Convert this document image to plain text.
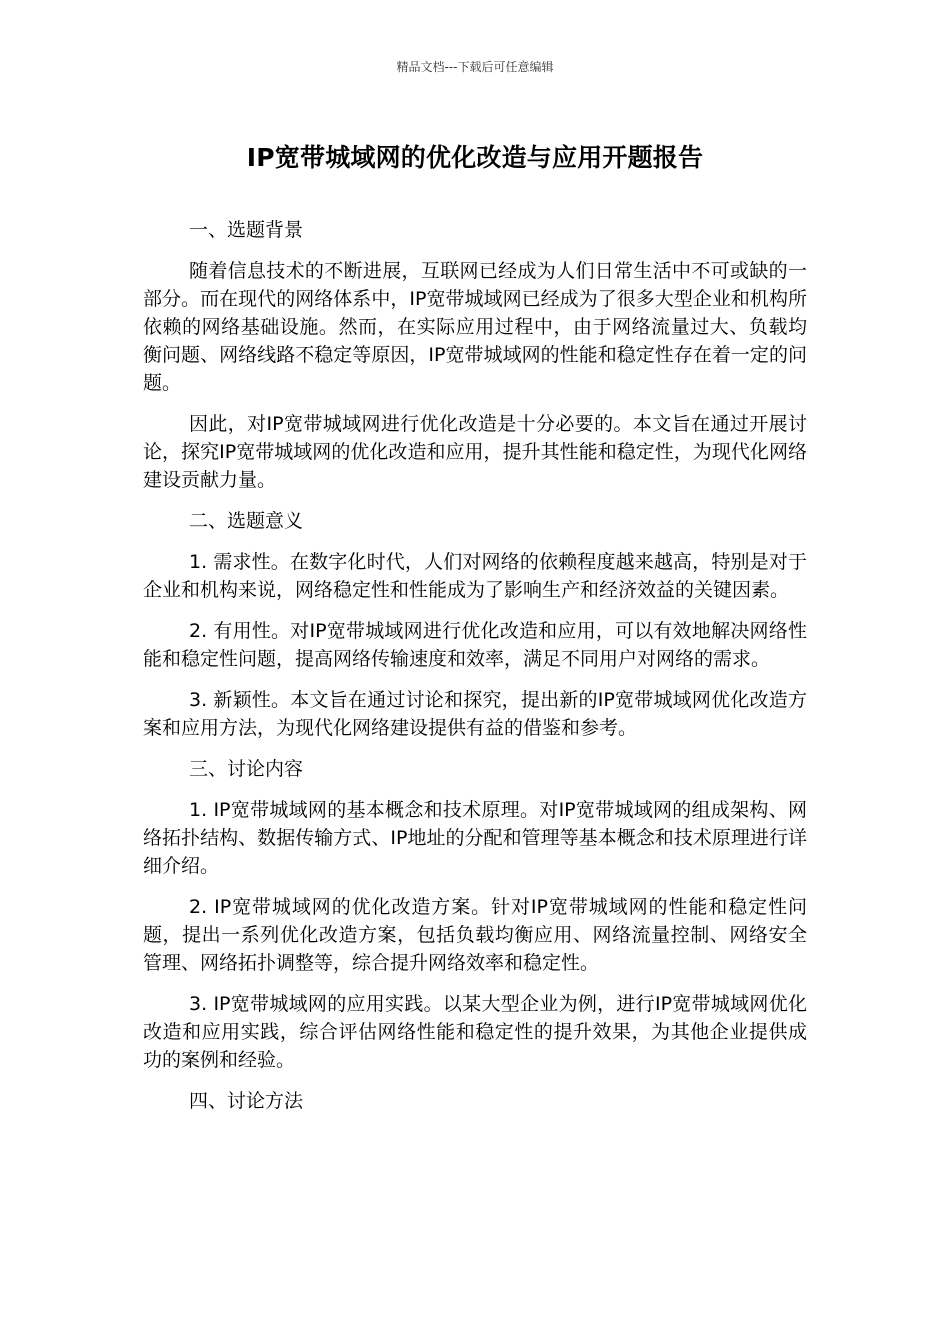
精品文档---下载后可任意编辑
IP宽带城域网的优化改造与应用开题报告

一、选题背景

随着信息技术的不断进展，互联网已经成为人们日常生活中不可或缺的一部分。而在现代的网络体系中，IP宽带城域网已经成为了很多大型企业和机构所依赖的网络基础设施。然而，在实际应用过程中，由于网络流量过大、负载均衡问题、网络线路不稳定等原因，IP宽带城域网的性能和稳定性存在着一定的问题。

因此，对IP宽带城域网进行优化改造是十分必要的。本文旨在通过开展讨论，探究IP宽带城域网的优化改造和应用，提升其性能和稳定性，为现代化网络建设贡献力量。

二、选题意义

1. 需求性。在数字化时代，人们对网络的依赖程度越来越高，特别是对于企业和机构来说，网络稳定性和性能成为了影响生产和经济效益的关键因素。

2. 有用性。对IP宽带城域网进行优化改造和应用，可以有效地解决网络性能和稳定性问题，提高网络传输速度和效率，满足不同用户对网络的需求。

3. 新颖性。本文旨在通过讨论和探究，提出新的IP宽带城域网优化改造方案和应用方法，为现代化网络建设提供有益的借鉴和参考。

三、讨论内容

1. IP宽带城域网的基本概念和技术原理。对IP宽带城域网的组成架构、网络拓扑结构、数据传输方式、IP地址的分配和管理等基本概念和技术原理进行详细介绍。

2. IP宽带城域网的优化改造方案。针对IP宽带城域网的性能和稳定性问题，提出一系列优化改造方案，包括负载均衡应用、网络流量控制、网络安全管理、网络拓扑调整等，综合提升网络效率和稳定性。

3. IP宽带城域网的应用实践。以某大型企业为例，进行IP宽带城域网优化改造和应用实践，综合评估网络性能和稳定性的提升效果，为其他企业提供成功的案例和经验。

四、讨论方法
